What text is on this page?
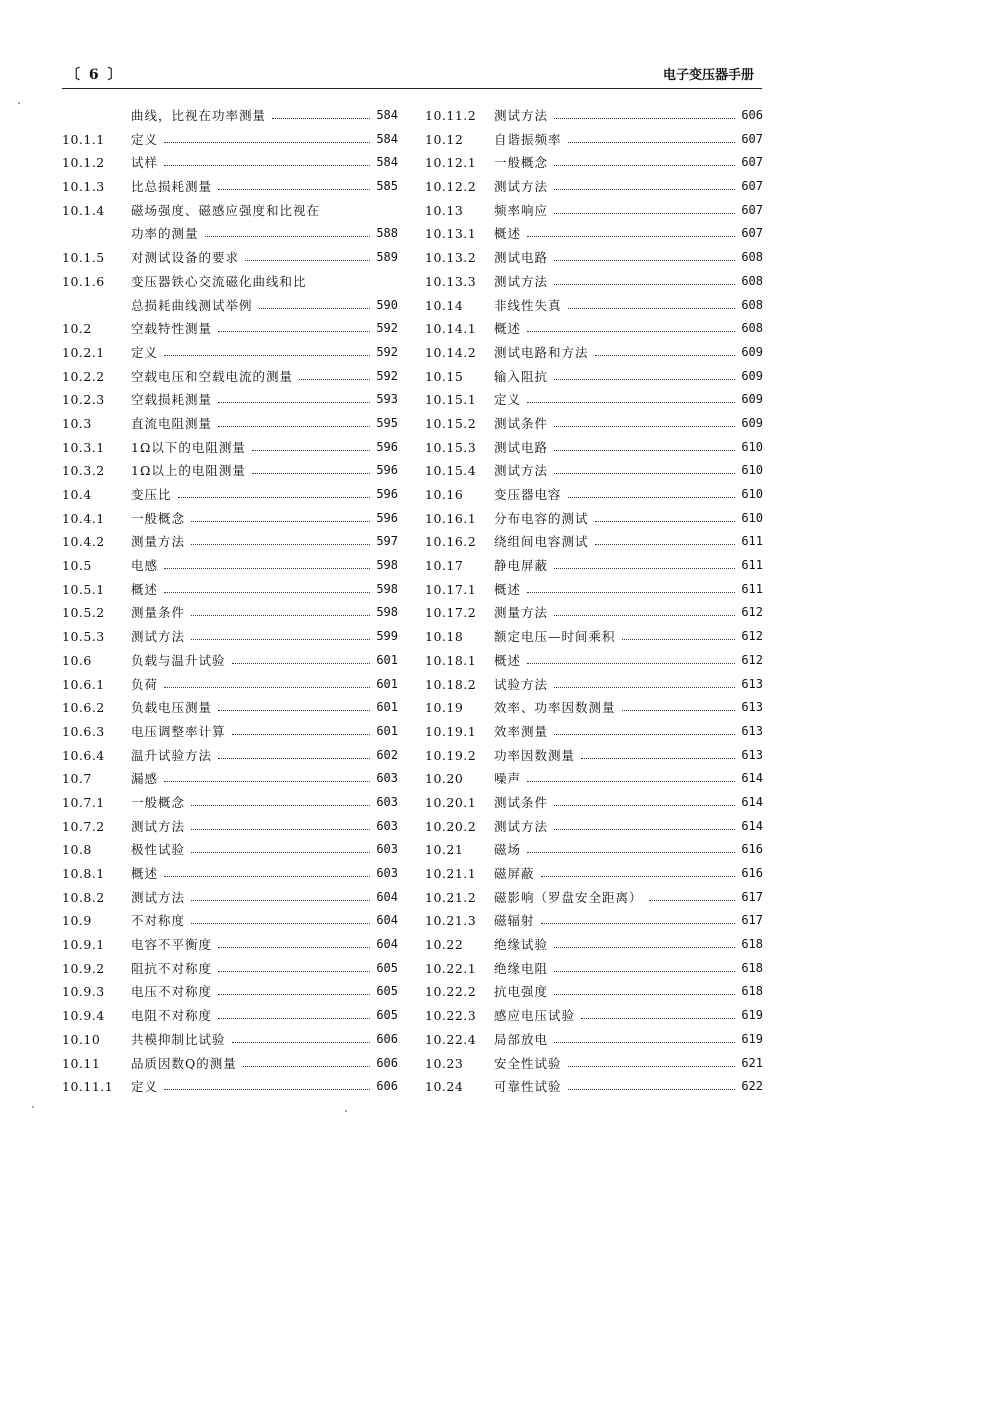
〔 6 〕	电子变压器手册
曲线，比视在功率测量	584
10.1.1	定义	584
10.1.2	试样	584
10.1.3	比总损耗测量	585
10.1.4	磁场强度、磁感应强度和比视在
功率的测量	588
10.1.5	对测试设备的要求	589
10.1.6	变压器铁心交流磁化曲线和比
总损耗曲线测试举例	590
10.2	空载特性测量	592
10.2.1	定义	592
10.2.2	空载电压和空载电流的测量	592
10.2.3	空载损耗测量	593
10.3	直流电阻测量	595
10.3.1	1Ω以下的电阻测量	596
10.3.2	1Ω以上的电阻测量	596
10.4	变压比	596
10.4.1	一般概念	596
10.4.2	测量方法	597
10.5	电感	598
10.5.1	概述	598
10.5.2	测量条件	598
10.5.3	测试方法	599
10.6	负载与温升试验	601
10.6.1	负荷	601
10.6.2	负载电压测量	601
10.6.3	电压调整率计算	601
10.6.4	温升试验方法	602
10.7	漏感	603
10.7.1	一般概念	603
10.7.2	测试方法	603
10.8	极性试验	603
10.8.1	概述	603
10.8.2	测试方法	604
10.9	不对称度	604
10.9.1	电容不平衡度	604
10.9.2	阻抗不对称度	605
10.9.3	电压不对称度	605
10.9.4	电阻不对称度	605
10.10	共模抑制比试验	606
10.11	品质因数Q的测量	606
10.11.1	定义	606
10.11.2	测试方法	606
10.12	自谐振频率	607
10.12.1	一般概念	607
10.12.2	测试方法	607
10.13	频率响应	607
10.13.1	概述	607
10.13.2	测试电路	608
10.13.3	测试方法	608
10.14	非线性失真	608
10.14.1	概述	608
10.14.2	测试电路和方法	609
10.15	输入阻抗	609
10.15.1	定义	609
10.15.2	测试条件	609
10.15.3	测试电路	610
10.15.4	测试方法	610
10.16	变压器电容	610
10.16.1	分布电容的测试	610
10.16.2	绕组间电容测试	611
10.17	静电屏蔽	611
10.17.1	概述	611
10.17.2	测量方法	612
10.18	额定电压—时间乘积	612
10.18.1	概述	612
10.18.2	试验方法	613
10.19	效率、功率因数测量	613
10.19.1	效率测量	613
10.19.2	功率因数测量	613
10.20	噪声	614
10.20.1	测试条件	614
10.20.2	测试方法	614
10.21	磁场	616
10.21.1	磁屏蔽	616
10.21.2	磁影响（罗盘安全距离）	617
10.21.3	磁辐射	617
10.22	绝缘试验	618
10.22.1	绝缘电阻	618
10.22.2	抗电强度	618
10.22.3	感应电压试验	619
10.22.4	局部放电	619
10.23	安全性试验	621
10.24	可靠性试验	622
